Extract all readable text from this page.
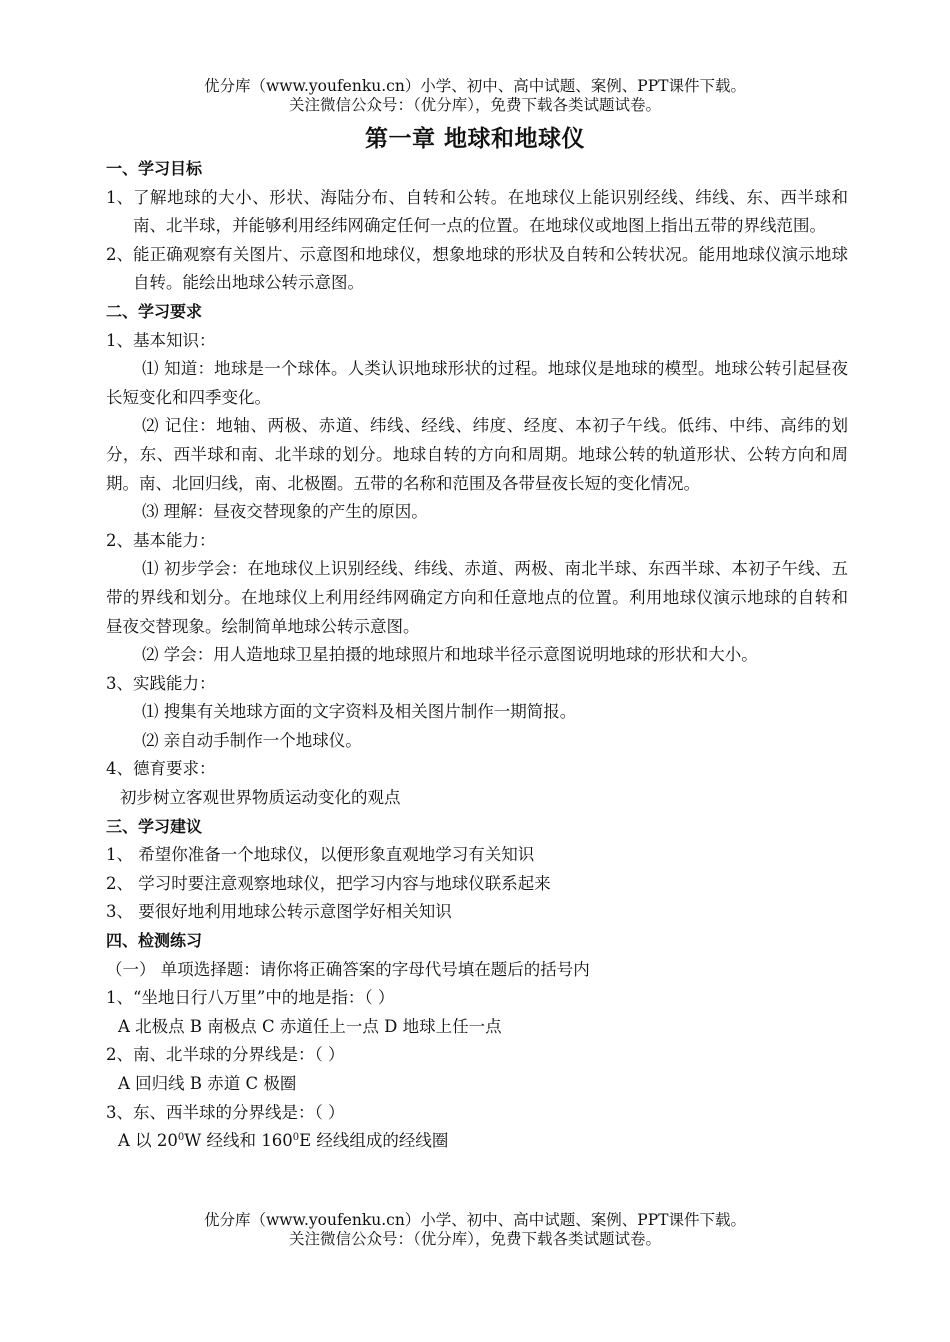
优分库（www.youfenku.cn）小学、初中、高中试题、案例、PPT课件下载。
关注微信公众号：（优分库），免费下载各类试题试卷。
第一章 地球和地球仪
一、学习目标
1、 了解地球的大小、形状、海陆分布、自转和公转。在地球仪上能识别经线、纬线、东、西半球和南、北半球，并能够利用经纬网确定任何一点的位置。在地球仪或地图上指出五带的界线范围。
2、 能正确观察有关图片、示意图和地球仪，想象地球的形状及自转和公转状况。能用地球仪演示地球自转。能绘出地球公转示意图。
二、学习要求
1、 基本知识：
⑴ 知道：地球是一个球体。人类认识地球形状的过程。地球仪是地球的模型。地球公转引起昼夜长短变化和四季变化。
⑵ 记住：地轴、两极、赤道、纬线、经线、纬度、经度、本初子午线。低纬、中纬、高纬的划分，东、西半球和南、北半球的划分。地球自转的方向和周期。地球公转的轨道形状、公转方向和周期。南、北回归线，南、北极圈。五带的名称和范围及各带昼夜长短的变化情况。
⑶ 理解：昼夜交替现象的产生的原因。
2、 基本能力：
⑴ 初步学会：在地球仪上识别经线、纬线、赤道、两极、南北半球、东西半球、本初子午线、五带的界线和划分。在地球仪上利用经纬网确定方向和任意地点的位置。利用地球仪演示地球的自转和昼夜交替现象。绘制简单地球公转示意图。
⑵ 学会：用人造地球卫星拍摄的地球照片和地球半径示意图说明地球的形状和大小。
3、 实践能力：
⑴ 搜集有关地球方面的文字资料及相关图片制作一期简报。
⑵ 亲自动手制作一个地球仪。
4、 德育要求：
初步树立客观世界物质运动变化的观点
三、学习建议
1、 希望你准备一个地球仪，以便形象直观地学习有关知识
2、 学习时要注意观察地球仪，把学习内容与地球仪联系起来
3、 要很好地利用地球公转示意图学好相关知识
四、检测练习
（一） 单项选择题：请你将正确答案的字母代号填在题后的括号内
1、“坐地日行八万里”中的地是指：（ ）
A 北极点 B 南极点 C 赤道任上一点 D 地球上任一点
2、南、北半球的分界线是：（ ）
A 回归线 B 赤道 C 极圈
3、东、西半球的分界线是：（ ）
A 以 $20^0W$ 经线和 $160^0E$ 经线组成的经线圈
优分库（www.youfenku.cn）小学、初中、高中试题、案例、PPT课件下载。
关注微信公众号：（优分库），免费下载各类试题试卷。
